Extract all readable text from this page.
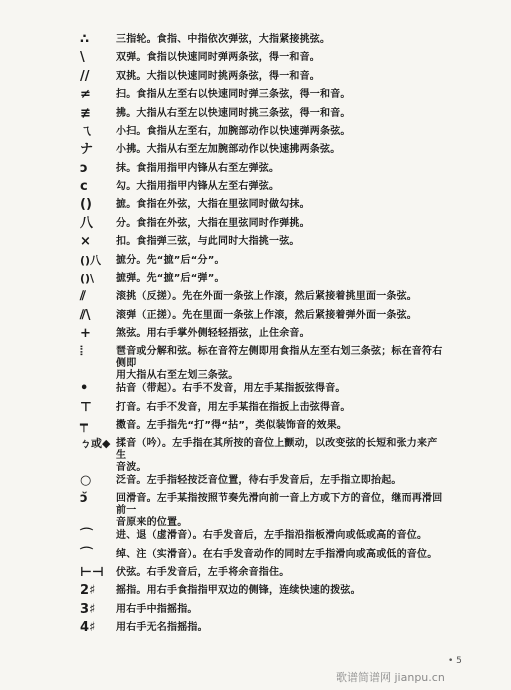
∴	三指轮。食指、中指依次弹弦，大指紧接挑弦。
\	双弹。食指以快速同时弹两条弦，得一和音。
//	双挑。大指以快速同时挑两条弦，得一和音。
≠	扫。食指从左至右以快速同时弹三条弦，得一和音。
≢	拂。大指从右至左以快速同时挑三条弦，得一和音。
ㄟ	小扫。食指从左至右，加腕部动作以快速弹两条弦。
ナ	小拂。大指从右至左加腕部动作以快速拂两条弦。
ↄ	抹。食指用指甲内锋从右至左弹弦。
c	勾。大指用指甲内锋从左至右弹弦。
()	摭。食指在外弦，大指在里弦同时做勾抹。
八	分。食指在外弦，大指在里弦同时作弹挑。
×	扣。食指弹三弦，与此同时大指挑一弦。
()八	摭分。先“摭”后“分”。
()\	摭弹。先“摭”后“弹”。
⫽	滚挑（反搓）。先在外面一条弦上作滚，然后紧接着挑里面一条弦。
⫽\	滚弹（正搓）。先在里面一条弦上作滚，然后紧接着弹外面一条弦。
+	煞弦。用右手掌外侧轻轻捂弦，止住余音。
⦙	琶音或分解和弦。标在音符左侧即用食指从左至右划三条弦；标在音符右侧即
用大指从右至左划三条弦。
•	拈音（带起）。右手不发音，用左手某指扳弦得音。
⊤	打音。右手不发音，用左手某指在指扳上击弦得音。
┯	擞音。左手指先“打”得“拈”，类似装饰音的效果。
ㄅ或◆ 揉音（吟）。左手指在其所按的音位上颤动，以改变弦的长短和张力来产生
音波。
○	泛音。左手指轻按泛音位置，待右手发音后，左手指立即抬起。
ↄ̆	回滑音。左手某指按照节奏先滑向前一音上方或下方的音位，继而再滑回前一
音原来的位置。
⌒	进、退（虚滑音）。右手发音后，左手指沿指板滑向或低或高的音位。
⌒	绰、注（实滑音）。在右手发音动作的同时左手指滑向或高或低的音位。
⊢⊣	伏弦。右手发音后，左手将余音指住。
2♯	摇指。用右手食指指甲双边的侧锋，连续快速的拨弦。
3♯	用右手中指摇指。
4♯	用右手无名指摇指。
• 5
歌谱简谱网 jianpu.cn
